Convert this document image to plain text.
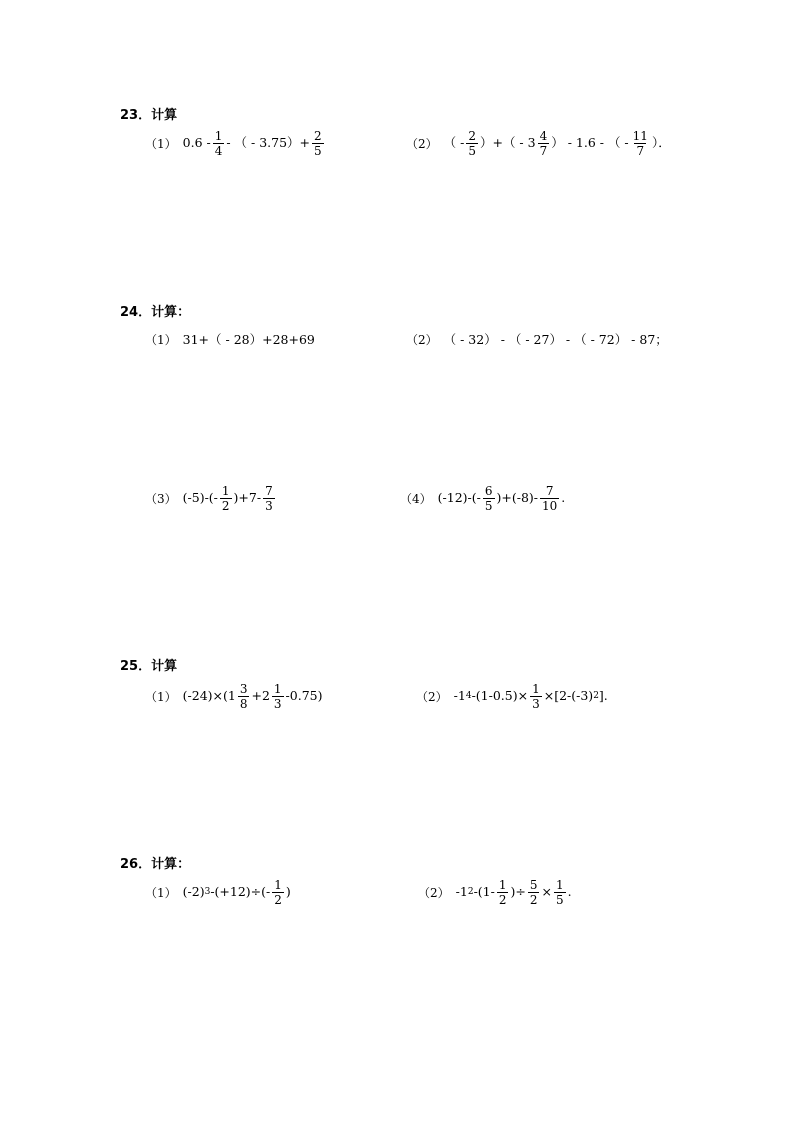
23．计算
（1） $0.6 - \frac{1}{4}$ - （ - $3.75)+ \frac{2}{5}$	（2） （ - $\frac{2}{5}$ ）+（ - $3 \frac{4}{7}$ ） - 1.6 - （ - $\frac{11}{7}$ ）．
24．计算：
（1） 31+（ - 28）+28+69	（2） （ - 32） - （ - 27） - （ - 72） - 87；
（3） $(-5)-(- \frac{1}{2} )+7- \frac{7}{3}$	（4） $(-12)-(- \frac{6}{5} )+(-8)- \frac{7}{10}$ .
25．计算
（1） $(-24)\times(1 \frac{3}{8} +2 \frac{1}{3} -0.75)$	（2） -1 4 $-(1-0.5)\times \frac{1}{3} \times[2-(-3)$ 2 ].
26．计算：
（1） (-2) 3 $-(+12)\div(- \frac{1}{2}$ )	（2） -1 2 $-(1- \frac{1}{2}$ )÷ $\frac{5}{2} \times \frac{1}{5}$ .
